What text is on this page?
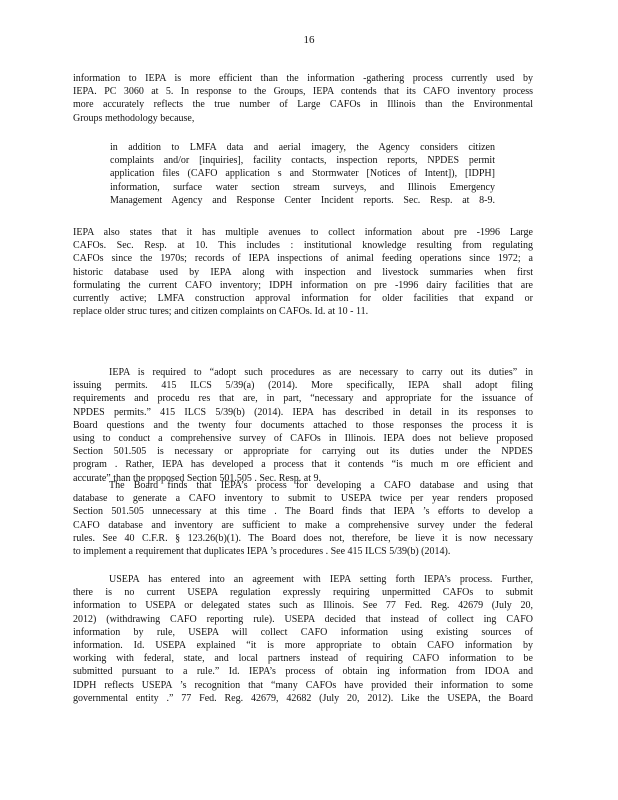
16
information to IEPA is more efficient than the information -gathering process currently used by
IEPA. PC 3060 at 5. In response to the Groups, IEPA contends that its CAFO inventory process
more accurately reflects the true number of Large CAFOs in Illinois than the Environmental
Groups methodology because,
in addition to LMFA data and aerial imagery, the Agency considers citizen
complaints and/or [inquiries], facility contacts, inspection reports, NPDES permit
application files (CAFO application s and Stormwater [Notices of Intent]), [IDPH]
information, surface water section stream surveys, and Illinois Emergency
Management Agency and Response Center Incident reports. Sec. Resp. at 8-9.
IEPA also states that it has multiple avenues to collect information about pre -1996 Large
CAFOs. Sec. Resp. at 10. This includes : institutional knowledge resulting from regulating
CAFOs since the 1970s; records of IEPA inspections of animal feeding operations since 1972; a
historic database used by IEPA along with inspection and livestock summaries when first
formulating the current CAFO inventory; IDPH information on pre -1996 dairy facilities that are
currently active; LMFA construction approval information for older facilities that expand or
replace older struc tures; and citizen complaints on CAFOs. Id. at 10 - 11.
IEPA is required to “adopt such procedures as are necessary to carry out its duties” in
issuing permits. 415 ILCS 5/39(a) (2014). More specifically, IEPA shall adopt filing
requirements and procedu res that are, in part, “necessary and appropriate for the issuance of
NPDES permits.” 415 ILCS 5/39(b) (2014). IEPA has described in detail in its responses to
Board questions and the twenty four documents attached to those responses the process it is
using to conduct a comprehensive survey of CAFOs in Illinois. IEPA does not believe proposed
Section 501.505 is necessary or appropriate for carrying out its duties under the NPDES
program . Rather, IEPA has developed a process that it contends “is much m ore efficient and
accurate” than the proposed Section 501.505 . Sec. Resp. at 9.
The Board finds that IEPA’s process for developing a CAFO database and using that
database to generate a CAFO inventory to submit to USEPA twice per year renders proposed
Section 501.505 unnecessary at this time . The Board finds that IEPA ’s efforts to develop a
CAFO database and inventory are sufficient to make a comprehensive survey under the federal
rules. See 40 C.F.R. § 123.26(b)(1). The Board does not, therefore, be lieve it is now necessary
to implement a requirement that duplicates IEPA ’s procedures . See 415 ILCS 5/39(b) (2014).
USEPA has entered into an agreement with IEPA setting forth IEPA’s process. Further,
there is no current USEPA regulation expressly requiring unpermitted CAFOs to submit
information to USEPA or delegated states such as Illinois. See 77 Fed. Reg. 42679 (July 20,
2012) (withdrawing CAFO reporting rule). USEPA decided that instead of collect ing CAFO
information by rule, USEPA will collect CAFO information using existing sources of
information. Id. USEPA explained “it is more appropriate to obtain CAFO information by
working with federal, state, and local partners instead of requiring CAFO information to be
submitted pursuant to a rule.” Id. IEPA’s process of obtain ing information from IDOA and
IDPH reflects USEPA ’s recognition that “many CAFOs have provided their information to some
governmental entity .” 77 Fed. Reg. 42679, 42682 (July 20, 2012). Like the USEPA, the Board
